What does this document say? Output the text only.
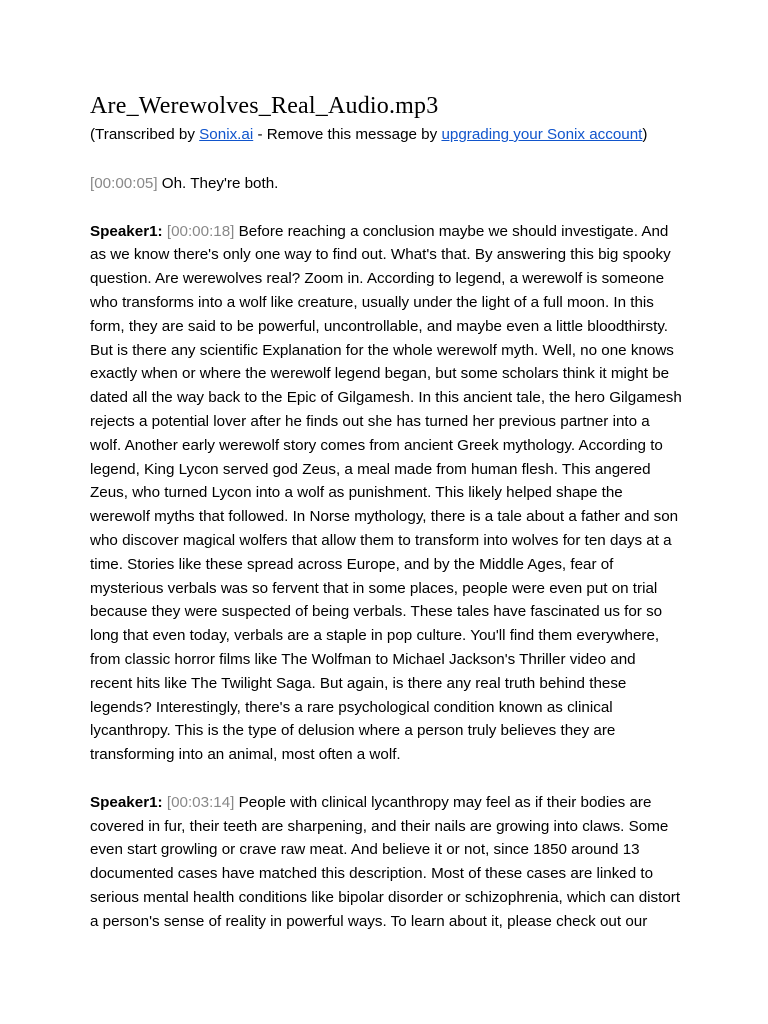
Are_Werewolves_Real_Audio.mp3

(Transcribed by Sonix.ai - Remove this message by upgrading your Sonix account)

[00:00:05] Oh. They're both.

Speaker1: [00:00:18] Before reaching a conclusion maybe we should investigate. And as we know there's only one way to find out. What's that. By answering this big spooky question. Are werewolves real? Zoom in. According to legend, a werewolf is someone who transforms into a wolf like creature, usually under the light of a full moon. In this form, they are said to be powerful, uncontrollable, and maybe even a little bloodthirsty. But is there any scientific Explanation for the whole werewolf myth. Well, no one knows exactly when or where the werewolf legend began, but some scholars think it might be dated all the way back to the Epic of Gilgamesh. In this ancient tale, the hero Gilgamesh rejects a potential lover after he finds out she has turned her previous partner into a wolf. Another early werewolf story comes from ancient Greek mythology. According to legend, King Lycon served god Zeus, a meal made from human flesh. This angered Zeus, who turned Lycon into a wolf as punishment. This likely helped shape the werewolf myths that followed. In Norse mythology, there is a tale about a father and son who discover magical wolfers that allow them to transform into wolves for ten days at a time. Stories like these spread across Europe, and by the Middle Ages, fear of mysterious verbals was so fervent that in some places, people were even put on trial because they were suspected of being verbals. These tales have fascinated us for so long that even today, verbals are a staple in pop culture. You'll find them everywhere, from classic horror films like The Wolfman to Michael Jackson's Thriller video and recent hits like The Twilight Saga. But again, is there any real truth behind these legends? Interestingly, there's a rare psychological condition known as clinical lycanthropy. This is the type of delusion where a person truly believes they are transforming into an animal, most often a wolf.

Speaker1: [00:03:14] People with clinical lycanthropy may feel as if their bodies are covered in fur, their teeth are sharpening, and their nails are growing into claws. Some even start growling or crave raw meat. And believe it or not, since 1850 around 13 documented cases have matched this description. Most of these cases are linked to serious mental health conditions like bipolar disorder or schizophrenia, which can distort a person's sense of reality in powerful ways. To learn about it, please check out our
